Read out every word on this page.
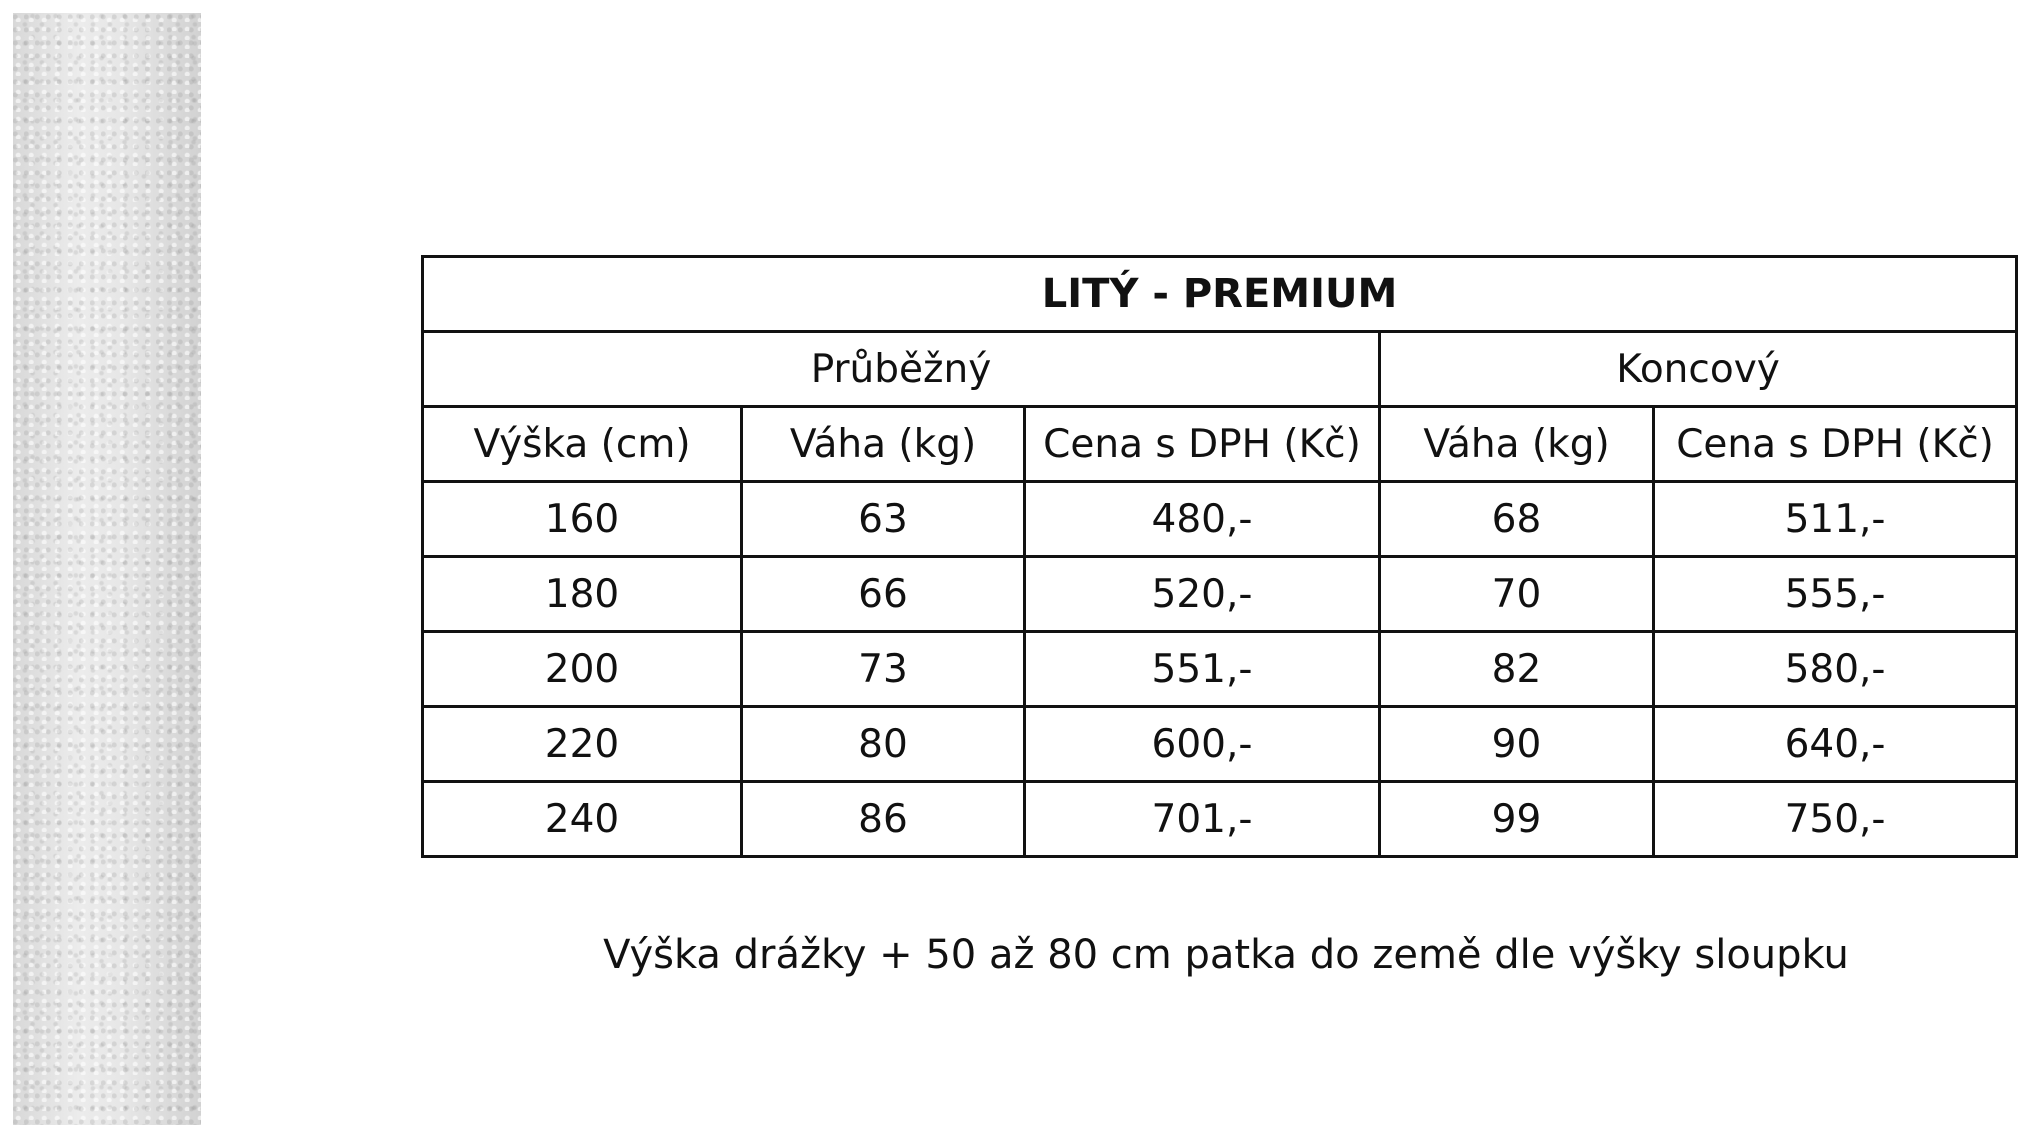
LITÝ - PREMIUM				
Průběžný			Koncový	
Výška (cm)	Váha (kg)	Cena s DPH (Kč)	Váha (kg)	Cena s DPH (Kč)
160	63	480,-	68	511,-
180	66	520,-	70	555,-
200	73	551,-	82	580,-
220	80	600,-	90	640,-
240	86	701,-	99	750,-
Výška drážky + 50 až 80 cm patka do země dle výšky sloupku
